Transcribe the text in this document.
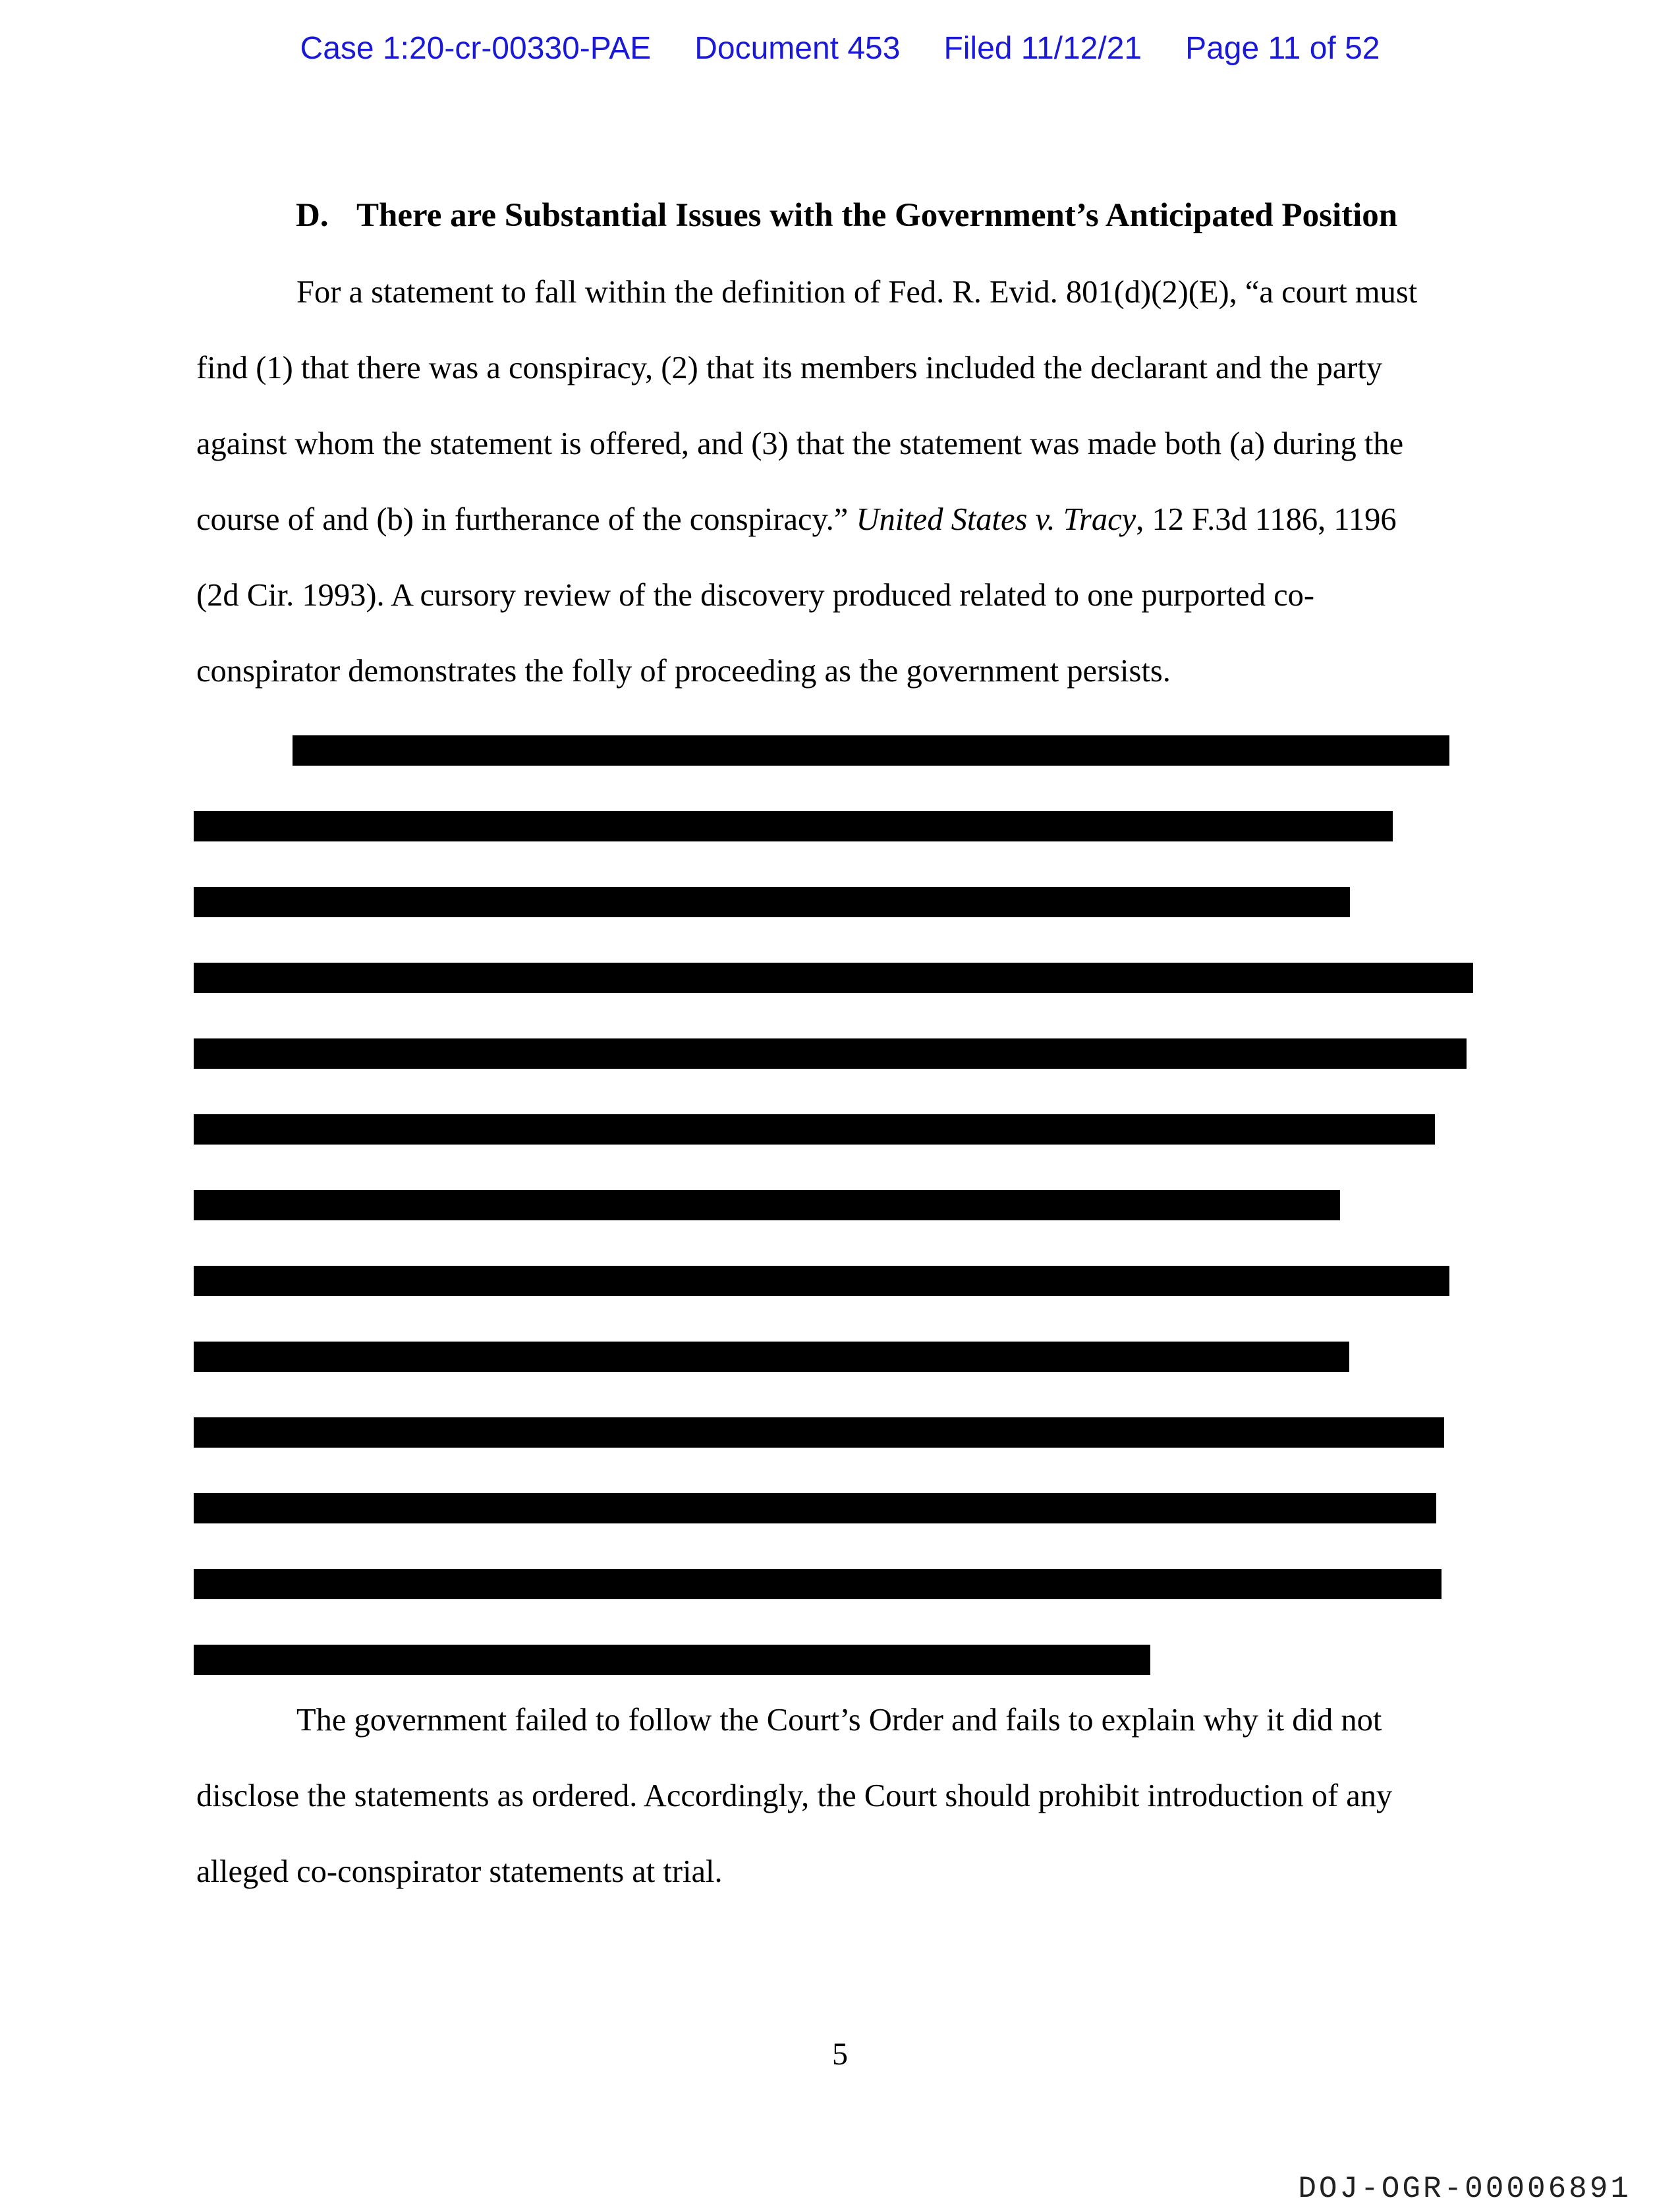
Case 1:20-cr-00330-PAE Document 453 Filed 11/12/21 Page 11 of 52
D. There are Substantial Issues with the Government’s Anticipated Position
For a statement to fall within the definition of Fed. R. Evid. 801(d)(2)(E), “a court must
find (1) that there was a conspiracy, (2) that its members included the declarant and the party
against whom the statement is offered, and (3) that the statement was made both (a) during the
course of and (b) in furtherance of the conspiracy.” United States v. Tracy, 12 F.3d 1186, 1196
(2d Cir. 1993). A cursory review of the discovery produced related to one purported co-
conspirator demonstrates the folly of proceeding as the government persists.
The government failed to follow the Court’s Order and fails to explain why it did not
disclose the statements as ordered. Accordingly, the Court should prohibit introduction of any
alleged co-conspirator statements at trial.
5
DOJ-OGR-00006891
